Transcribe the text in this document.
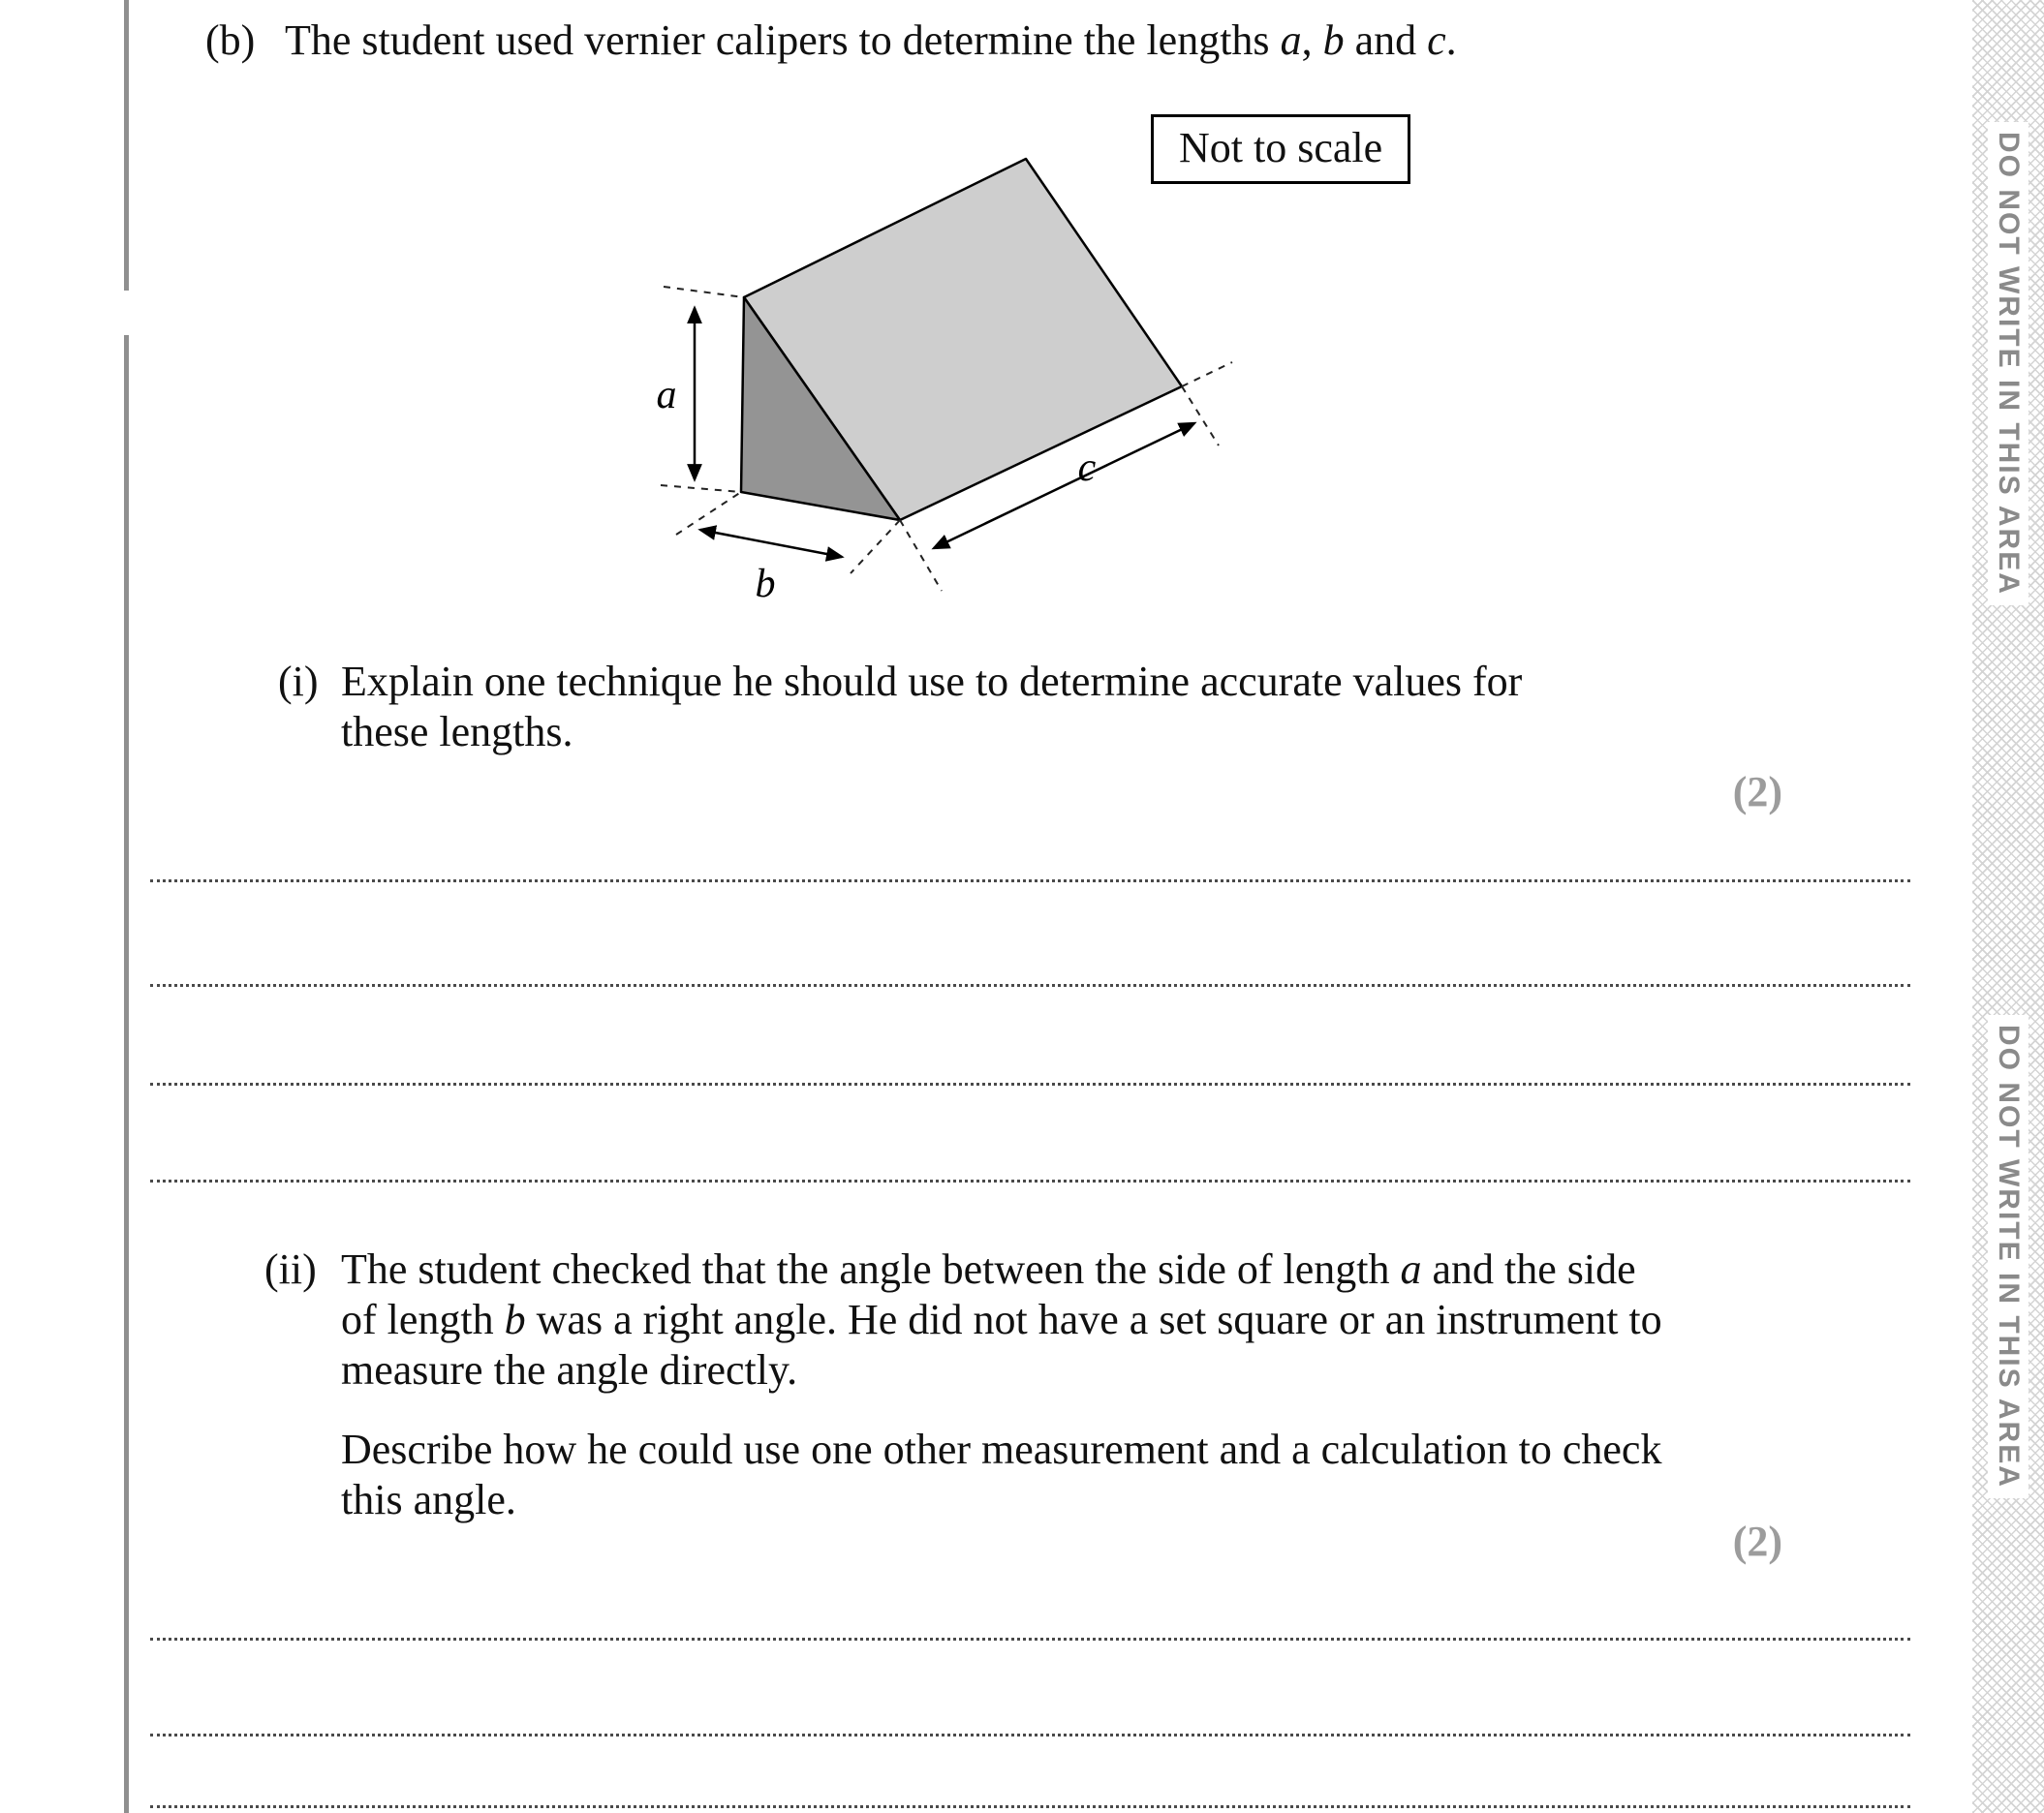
(b) The student used vernier calipers to determine the lengths a, b and c.
Not to scale
a
b
c
(i) Explain one technique he should use to determine accurate values for
these lengths.
(2)
(ii) The student checked that the angle between the side of length a and the side
of length b was a right angle. He did not have a set square or an instrument to
measure the angle directly.
Describe how he could use one other measurement and a calculation to check
this angle.
(2)
DO NOT WRITE IN THIS AREA
DO NOT WRITE IN THIS AREA
